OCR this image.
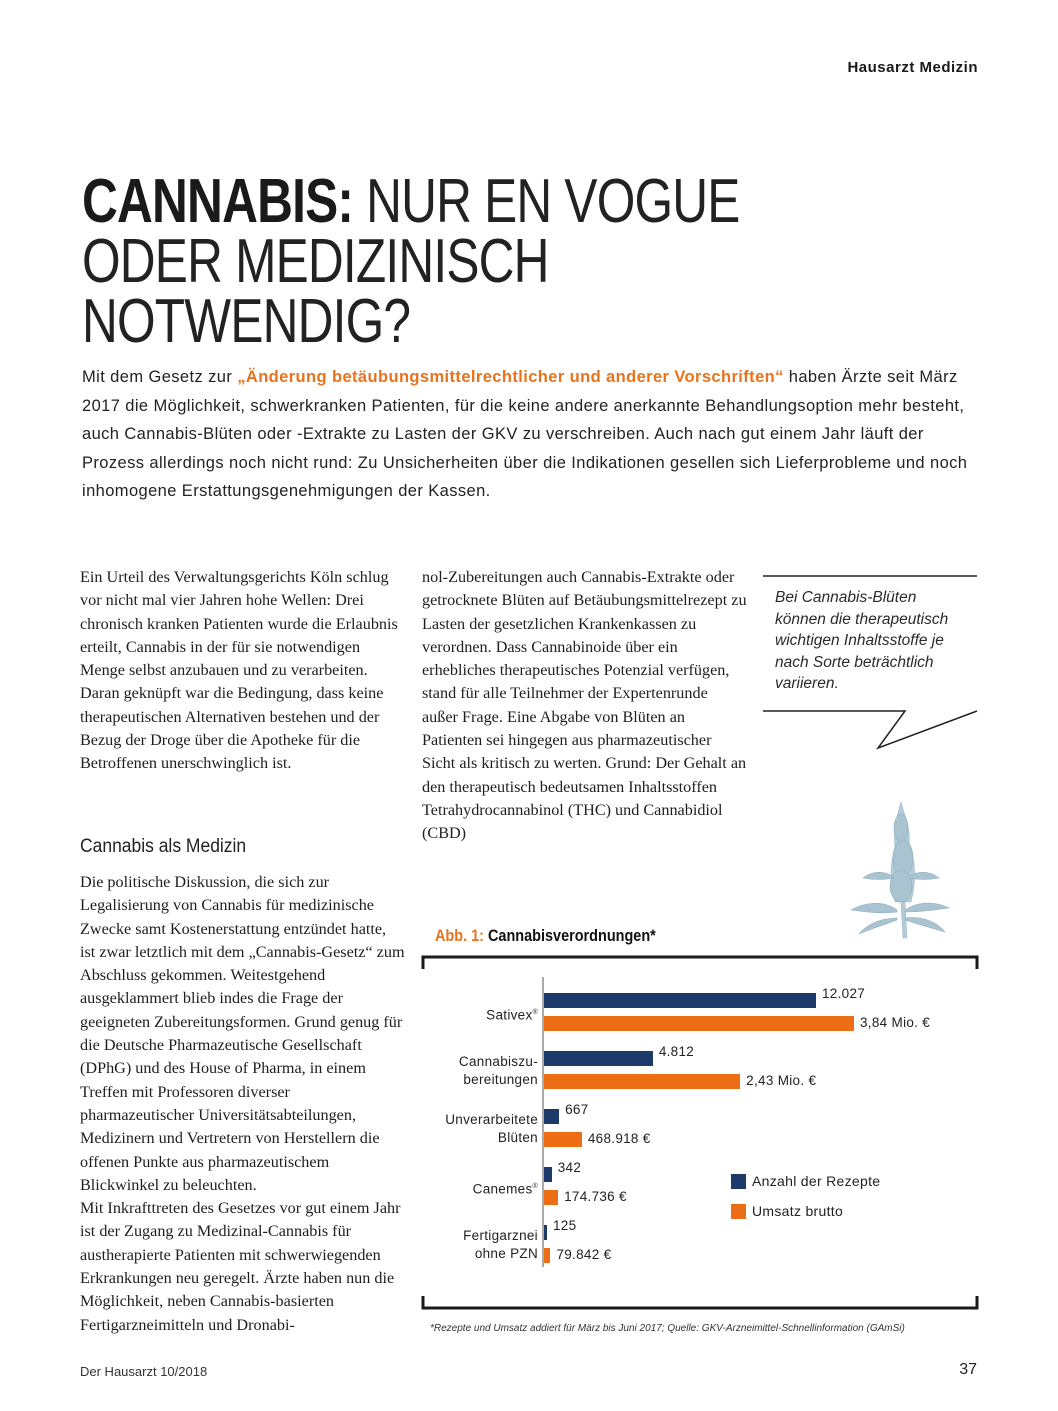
Hausarzt Medizin
CANNABIS: NUR EN VOGUE
ODER MEDIZINISCH NOTWENDIG?
Mit dem Gesetz zur „Änderung betäubungsmittelrechtlicher und anderer Vorschriften“ haben Ärzte seit März 2017 die Möglichkeit, schwerkranken Patienten, für die keine andere anerkannte Behandlungsoption mehr besteht, auch Cannabis-Blüten oder -Extrakte zu Lasten der GKV zu verschreiben. Auch nach gut einem Jahr läuft der Prozess allerdings noch nicht rund: Zu Unsicherheiten über die Indikationen gesellen sich Lieferprobleme und noch inhomogene Erstattungsgenehmigungen der Kassen.
Ein Urteil des Verwaltungsgerichts Köln schlug vor nicht mal vier Jahren hohe Wellen: Drei chronisch kranken Patienten wurde die Erlaubnis erteilt, Cannabis in der für sie notwendigen Menge selbst anzubauen und zu verarbeiten. Daran geknüpft war die Bedingung, dass keine therapeutischen Alternativen bestehen und der Bezug der Droge über die Apotheke für die Betroffenen unerschwinglich ist.
Cannabis als Medizin
Die politische Diskussion, die sich zur Legalisierung von Cannabis für medizinische Zwecke samt Kostenerstattung entzündet hatte, ist zwar letztlich mit dem „Cannabis-Gesetz“ zum Abschluss gekommen. Weitestgehend ausgeklammert blieb indes die Frage der geeigneten Zubereitungsformen. Grund genug für die Deutsche Pharmazeutische Gesellschaft (DPhG) und des House of Pharma, in einem Treffen mit Professoren diverser pharmazeutischer Universitätsabteilungen, Medizinern und Vertretern von Herstellern die offenen Punkte aus pharmazeutischem Blickwinkel zu beleuchten.
Mit Inkrafttreten des Gesetzes vor gut einem Jahr ist der Zugang zu Medizinal-Cannabis für austherapierte Patienten mit schwerwiegenden Erkrankungen neu geregelt. Ärzte haben nun die Möglichkeit, neben Cannabis-basierten Fertigarzneimitteln und Dronabi-
nol-Zubereitungen auch Cannabis-Extrakte oder getrocknete Blüten auf Betäubungsmittelrezept zu Lasten der gesetzlichen Krankenkassen zu verordnen. Dass Cannabinoide über ein erhebliches therapeutisches Potenzial verfügen, stand für alle Teilnehmer der Expertenrunde außer Frage. Eine Abgabe von Blüten an Patienten sei hingegen aus pharmazeutischer Sicht als kritisch zu werten. Grund: Der Gehalt an den therapeutisch bedeutsamen Inhaltsstoffen Tetrahydrocannabinol (THC) und Cannabidiol (CBD)
Bei Cannabis-Blüten können die therapeutisch wichtigen Inhaltsstoffe je nach Sorte beträchtlich variieren.
Abb. 1: Cannabisverordnungen*
Sativex®
12.027
3,84 Mio. €
Cannabiszu-
bereitungen
4.812
2,43 Mio. €
Unverarbeitete
Blüten
667
468.918 €
Canemes®
342
174.736 €
Fertigarznei
ohne PZN
125
79.842 €
Anzahl der Rezepte
Umsatz brutto
*Rezepte und Umsatz addiert für März bis Juni 2017; Quelle: GKV-Arzneimittel-Schnellinformation (GAmSi)
Der Hausarzt 10/2018	37
